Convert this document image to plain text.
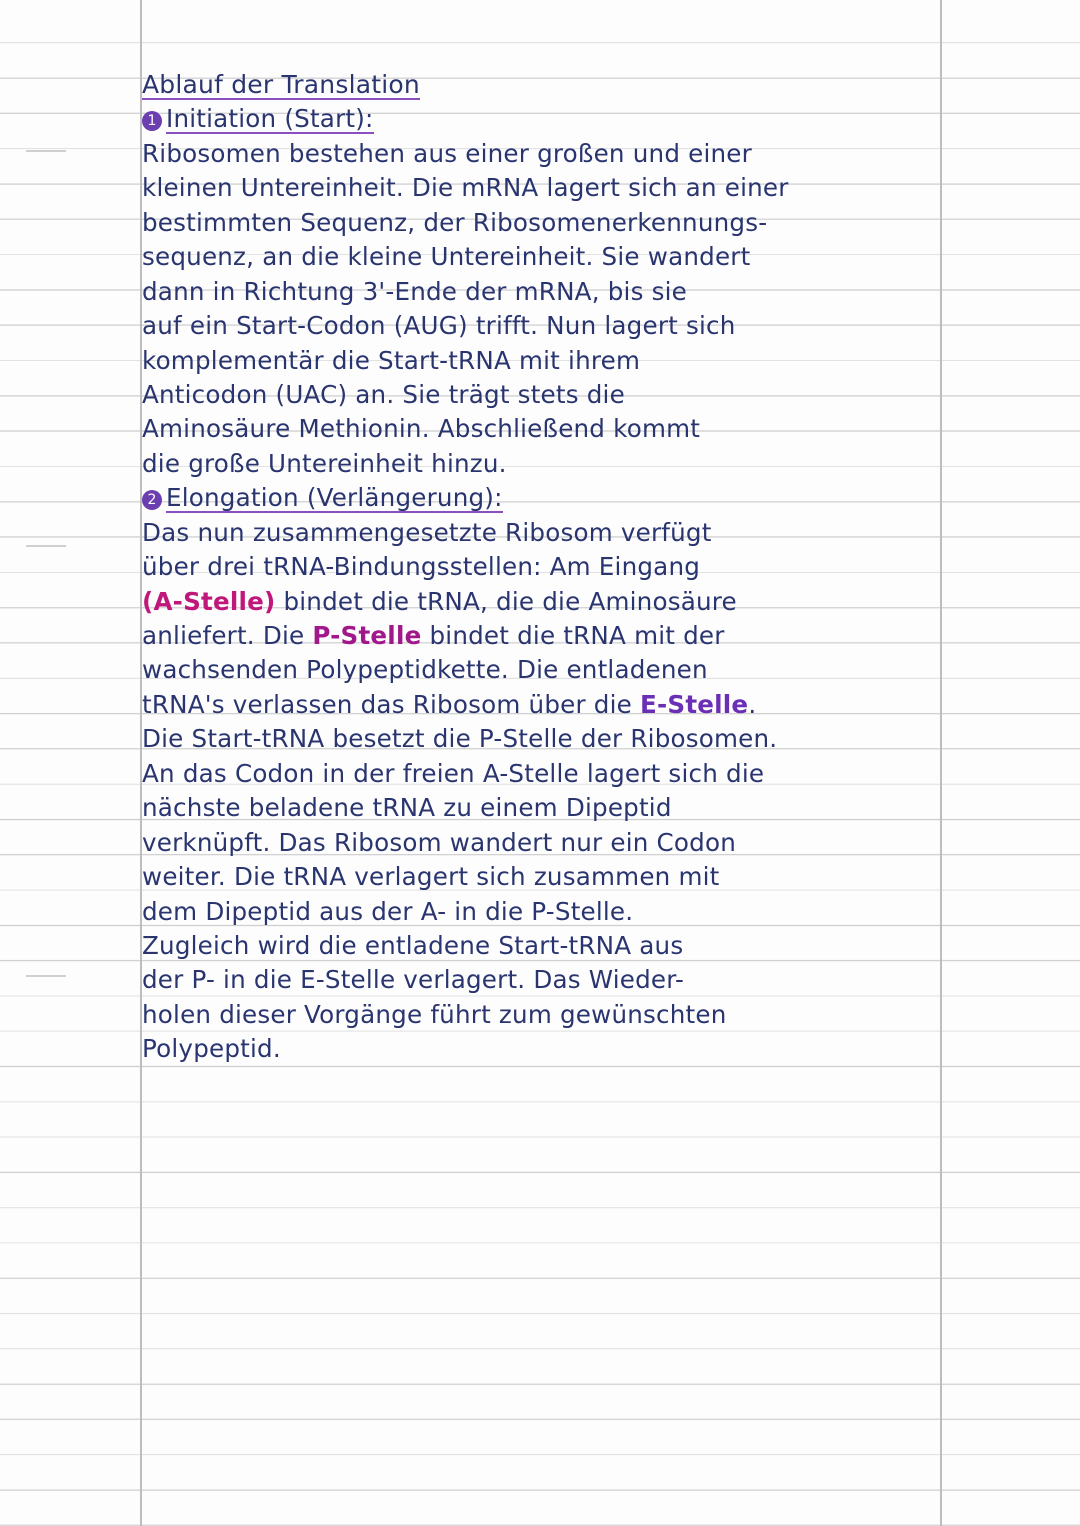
Ablauf der Translation
1 Initiation (Start):
Ribosomen bestehen aus einer großen und einer
kleinen Untereinheit. Die mRNA lagert sich an einer
bestimmten Sequenz, der Ribosomenerkennungs-
sequenz, an die kleine Untereinheit. Sie wandert
dann in Richtung 3'-Ende der mRNA, bis sie
auf ein Start-Codon (AUG) trifft. Nun lagert sich
komplementär die Start-tRNA mit ihrem
Anticodon (UAC) an. Sie trägt stets die
Aminosäure Methionin. Abschließend kommt
die große Untereinheit hinzu.
2 Elongation (Verlängerung):
Das nun zusammengesetzte Ribosom verfügt
über drei tRNA-Bindungsstellen: Am Eingang
(A-Stelle) bindet die tRNA, die die Aminosäure
anliefert. Die P-Stelle bindet die tRNA mit der
wachsenden Polypeptidkette. Die entladenen
tRNA's verlassen das Ribosom über die E-Stelle.
Die Start-tRNA besetzt die P-Stelle der Ribosomen.
An das Codon in der freien A-Stelle lagert sich die
nächste beladene tRNA zu einem Dipeptid
verknüpft. Das Ribosom wandert nur ein Codon
weiter. Die tRNA verlagert sich zusammen mit
dem Dipeptid aus der A- in die P-Stelle.
Zugleich wird die entladene Start-tRNA aus
der P- in die E-Stelle verlagert. Das Wieder-
holen dieser Vorgänge führt zum gewünschten
Polypeptid.
